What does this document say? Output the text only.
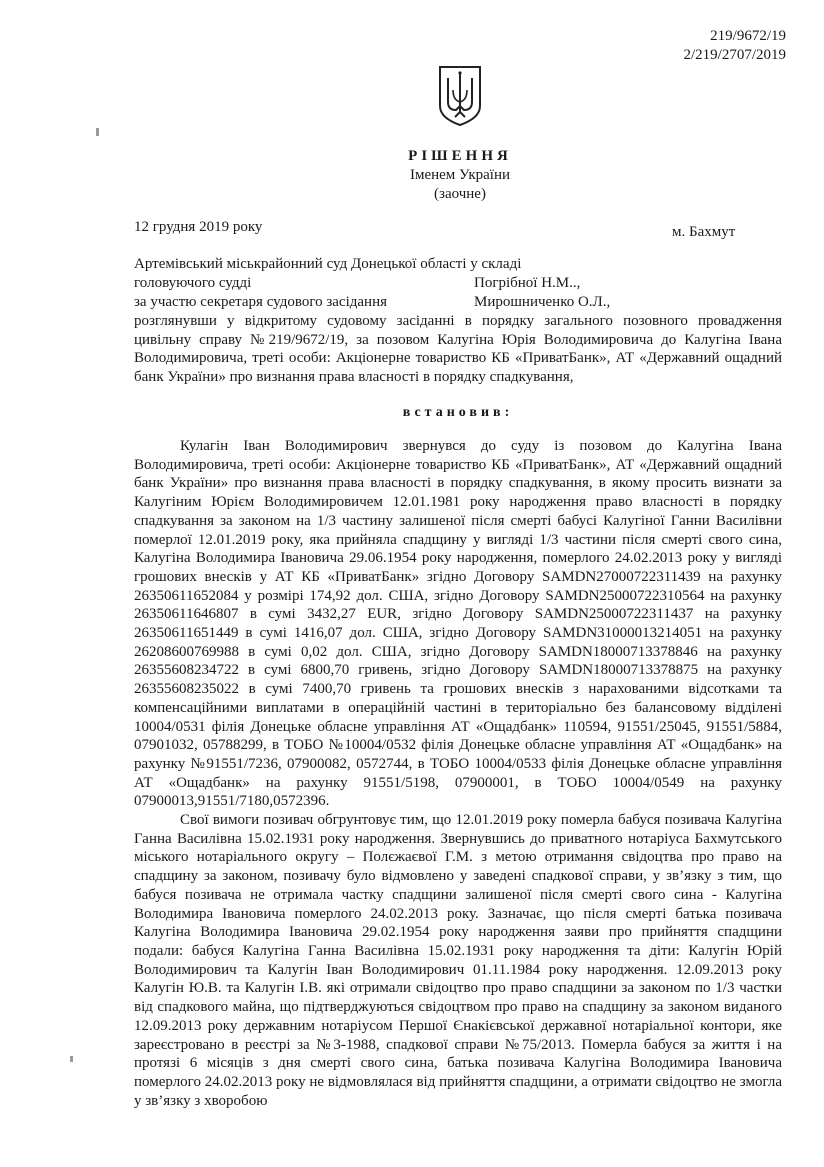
219/9672/19
2/219/2707/2019
РІШЕННЯ
Іменем України
(заочне)
12 грудня 2019 року	м. Бахмут
Артемівський міськрайонний суд Донецької області у складі
головуючого судді	Погрібної Н.М..,
за участю секретаря судового засідання	Мирошниченко О.Л.,

розглянувши у відкритому судовому засіданні в порядку загального позовного провадження цивільну справу №219/9672/19, за позовом Калугіна Юрія Володимировича до Калугіна Івана Володимировича, треті особи: Акціонерне товариство КБ «ПриватБанк», АТ «Державний ощадний банк України» про визнання права власності в порядку спадкування,

встановив:

Кулагін Іван Володимирович звернувся до суду із позовом до Калугіна Івана Володимировича, треті особи: Акціонерне товариство КБ «ПриватБанк», АТ «Державний ощадний банк України» про визнання права власності в порядку спадкування, в якому просить визнати за Калугіним Юрієм Володимировичем 12.01.1981 року народження право власності в порядку спадкування за законом на 1/3 частину залишеної після смерті бабусі Калугіної Ганни Василівни померлої 12.01.2019 року, яка прийняла спадщину у вигляді 1/3 частини після смерті свого сина, Калугіна Володимира Івановича 29.06.1954 року народження, померлого 24.02.2013 року у вигляді грошових внесків у АТ КБ «ПриватБанк» згідно Договору SAMDN27000722311439 на рахунку 26350611652084 у розмірі 174,92 дол. США, згідно Договору SAMDN25000722310564 на рахунку 26350611646807 в сумі 3432,27 EUR, згідно Договору SAMDN25000722311437 на рахунку 26350611651449 в сумі 1416,07 дол. США, згідно Договору SAMDN31000013214051 на рахунку 26208600769988 в сумі 0,02 дол. США, згідно Договору SAMDN18000713378846 на рахунку 26355608234722 в сумі 6800,70 гривень, згідно Договору SAMDN18000713378875 на рахунку 26355608235022 в сумі 7400,70 гривень та грошових внесків з нарахованими відсотками та компенсаційними виплатами в операційній частині в територіально без балансовому відділені 10004/0531 філія Донецьке обласне управління АТ «Ощадбанк» 110594, 91551/25045, 91551/5884, 07901032, 05788299, в ТОБО №10004/0532 філія Донецьке обласне управління АТ «Ощадбанк» на рахунку №91551/7236, 07900082, 0572744, в ТОБО 10004/0533 філія Донецьке обласне управління АТ «Ощадбанк» на рахунку 91551/5198, 07900001, в ТОБО 10004/0549 на рахунку 07900013,91551/7180,0572396.

Свої вимоги позивач обгрунтовує тим, що 12.01.2019 року померла бабуся позивача Калугіна Ганна Василівна 15.02.1931 року народження. Звернувшись до приватного нотаріуса Бахмутського міського нотаріального округу – Полєжаєвої Г.М. з метою отримання свідоцтва про право на спадщину за законом, позивачу було відмовлено у заведені спадкової справи, у зв’язку з тим, що бабуся позивача не отримала частку спадщини залишеної після смерті свого сина - Калугіна Володимира Івановича померлого 24.02.2013 року. Зазначає, що після смерті батька позивача Калугіна Володимира Івановича 29.02.1954 року народження заяви про прийняття спадщини подали: бабуся Калугіна Ганна Василівна 15.02.1931 року народження та діти: Калугін Юрій Володимирович та Калугін Іван Володимирович 01.11.1984 року народження. 12.09.2013 року Калугін Ю.В. та Калугін І.В. які отримали свідоцтво про право спадщини за законом по 1/3 частки від спадкового майна, що підтверджуються свідоцтвом про право на спадщину за законом виданого 12.09.2013 року державним нотаріусом Першої Єнакієвської державної нотаріальної контори, яке зареєстровано в реєстрі за №3-1988, спадкової справи №75/2013. Померла бабуся за життя і на протязі 6 місяців з дня смерті свого сина, батька позивача Калугіна Володимира Івановича померлого 24.02.2013 року не відмовлялася від прийняття спадщини, а отримати свідоцтво не змогла у зв’язку з хворобою
